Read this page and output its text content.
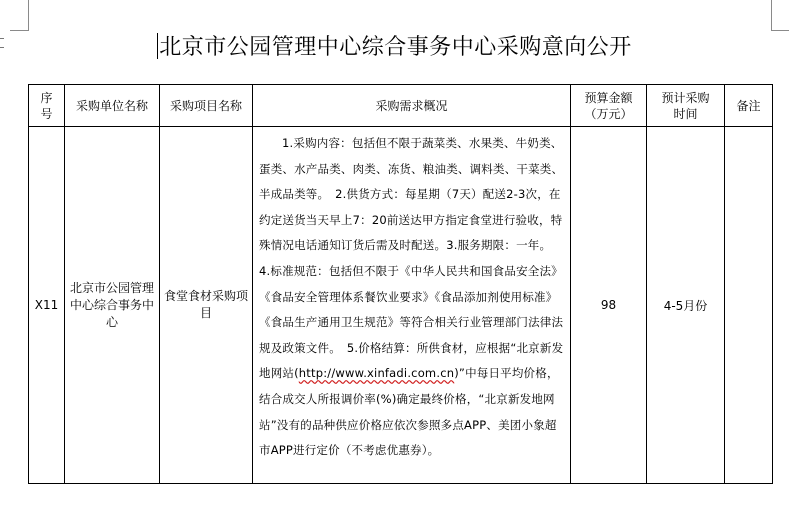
北京市公园管理中心综合事务中心采购意向公开
序号	采购单位名称	采购项目名称	采购需求概况	预算金额（万元）	预计采购时间	备注
X11	北京市公园管理中心综合事务中心	食堂食材采购项目	1.采购内容：包括但不限于蔬菜类、水果类、牛奶类、蛋类、水产品类、肉类、冻货、粮油类、调料类、干菜类、半成品类等。　2.供货方式：每星期（7天）配送2-3次，在约定送货当天早上7：20前送达甲方指定食堂进行验收，特殊情况电话通知订货后需及时配送。3.服务期限：一年。　4.标准规范：包括但不限于《中华人民共和国食品安全法》《食品安全管理体系餐饮业要求》《食品添加剂使用标准》《食品生产通用卫生规范》等符合相关行业管理部门法律法规及政策文件。　5.价格结算：所供食材，应根据“北京新发地网站(http://www.xinfadi.com.cn)”中每日平均价格，结合成交人所报调价率(%)确定最终价格，“北京新发地网站”没有的品种供应价格应依次参照多点APP、美团小象超市APP进行定价（不考虑优惠券）。	98	4-5月份	
